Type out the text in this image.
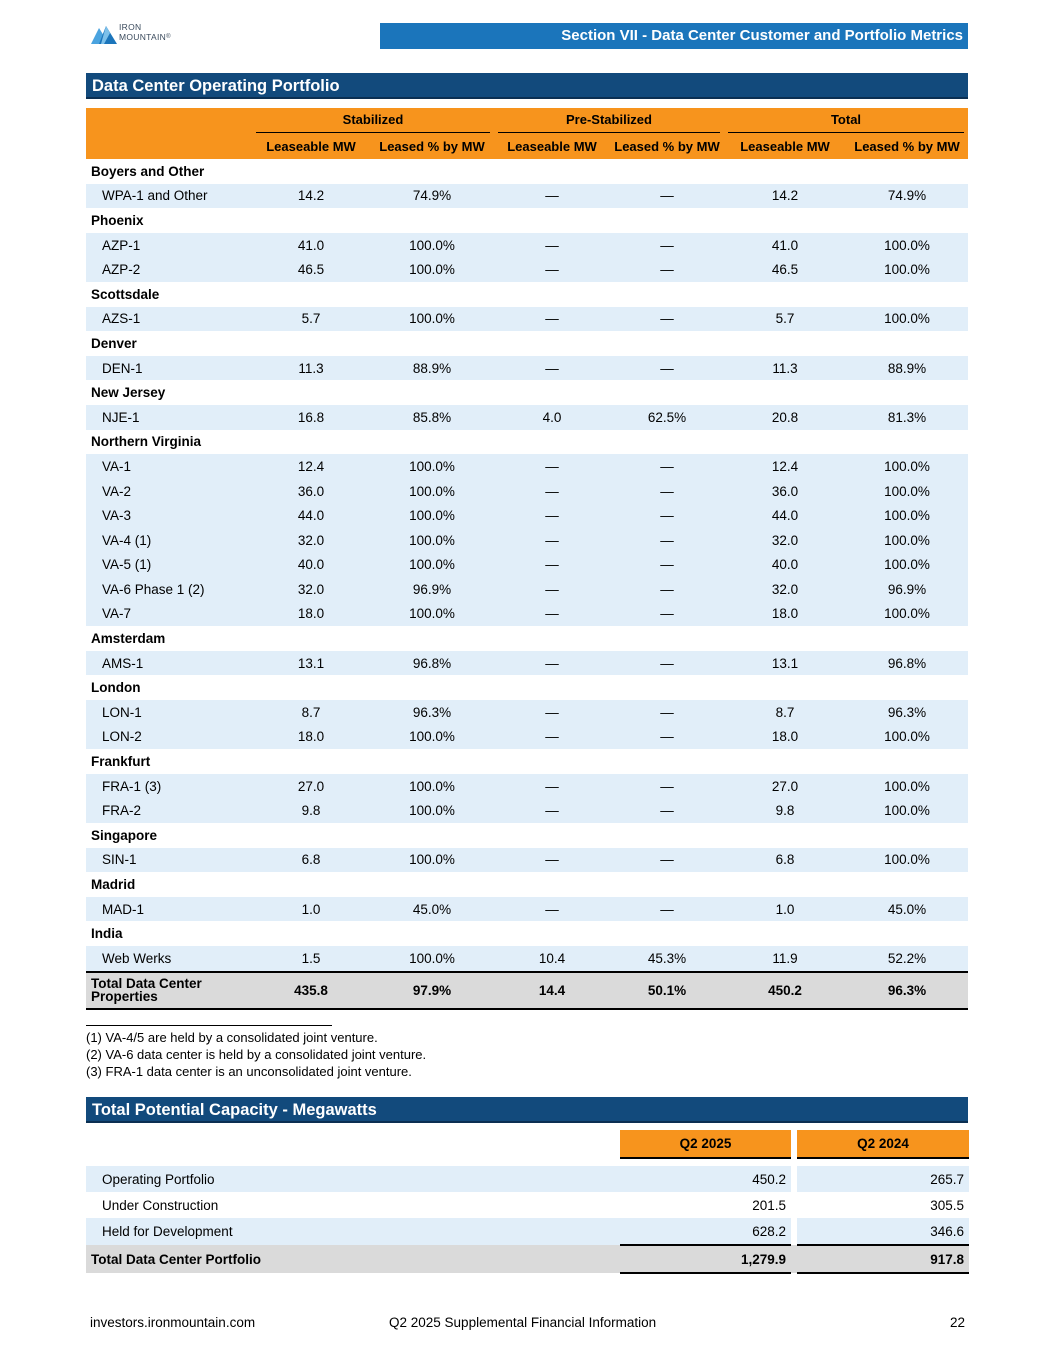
IRON
MOUNTAIN®	Section VII - Data Center Customer and Portfolio Metrics
Data Center Operating Portfolio

	Stabilized		Pre-Stabilized		Total	

	Leaseable MW	Leased % by MW	Leaseable MW	Leased % by MW	Leaseable MW	Leased % by MW
Boyers and Other						
WPA-1 and Other	14.2	74.9%	—	—	14.2	74.9%
Phoenix						
AZP-1	41.0	100.0%	—	—	41.0	100.0%
AZP-2	46.5	100.0%	—	—	46.5	100.0%
Scottsdale						
AZS-1	5.7	100.0%	—	—	5.7	100.0%
Denver						
DEN-1	11.3	88.9%	—	—	11.3	88.9%
New Jersey						
NJE-1	16.8	85.8%	4.0	62.5%	20.8	81.3%
Northern Virginia						
VA-1	12.4	100.0%	—	—	12.4	100.0%
VA-2	36.0	100.0%	—	—	36.0	100.0%
VA-3	44.0	100.0%	—	—	44.0	100.0%
VA-4 (1)	32.0	100.0%	—	—	32.0	100.0%
VA-5 (1)	40.0	100.0%	—	—	40.0	100.0%
VA-6 Phase 1 (2)	32.0	96.9%	—	—	32.0	96.9%
VA-7	18.0	100.0%	—	—	18.0	100.0%
Amsterdam						
AMS-1	13.1	96.8%	—	—	13.1	96.8%
London						
LON-1	8.7	96.3%	—	—	8.7	96.3%
LON-2	18.0	100.0%	—	—	18.0	100.0%
Frankfurt						
FRA-1 (3)	27.0	100.0%	—	—	27.0	100.0%
FRA-2	9.8	100.0%	—	—	9.8	100.0%
Singapore						
SIN-1	6.8	100.0%	—	—	6.8	100.0%
Madrid						
MAD-1	1.0	45.0%	—	—	1.0	45.0%
India						
Web Werks	1.5	100.0%	10.4	45.3%	11.9	52.2%
Total Data Center Properties	435.8	97.9%	14.4	50.1%	450.2	96.3%
(1) VA-4/5 are held by a consolidated joint venture.
(2) VA-6 data center is held by a consolidated joint venture.
(3) FRA-1 data center is an unconsolidated joint venture.
Total Potential Capacity - Megawatts
	Q2 2025		Q2 2024

Operating Portfolio	450.2		265.7
Under Construction	201.5		305.5
Held for Development	628.2		346.6
Total Data Center Portfolio	1,279.9		917.8
investors.ironmountain.com	Q2 2025 Supplemental Financial Information	22
